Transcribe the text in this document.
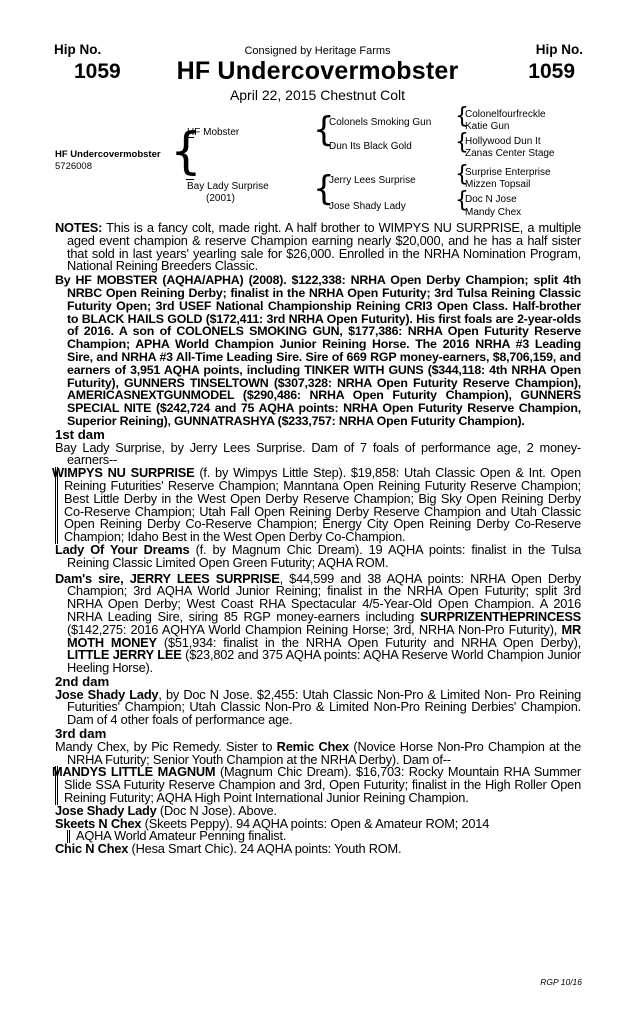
Hip No.	Hip No.
1059	1059
Consigned by Heritage Farms
HF Undercovermobster
April 22, 2015 Chestnut Colt
HF Undercovermobster
5726008 {
HF Mobster
Bay Lady Surprise
(2001)
{
Colonels Smoking Gun
Dun Its Black Gold
{
Jerry Lees Surprise
Jose Shady Lady
{
{
{
{
Colonelfourfreckle
Katie Gun
Hollywood Dun It
Zanas Center Stage
Surprise Enterprise
Mizzen Topsail
Doc N Jose
Mandy Chex

NOTES: This is a fancy colt, made right. A half brother to WIMPYS NU SURPRISE, a multiple aged event champion & reserve Champion earning nearly $20,000, and he has a half sister that sold in last years' yearling sale for $26,000. Enrolled in the NRHA Nomination Program, National Reining Breeders Classic.

By HF MOBSTER (AQHA/APHA) (2008). $122,338: NRHA Open Derby Champion; split 4th NRBC Open Reining Derby; finalist in the NRHA Open Futurity; 3rd Tulsa Reining Classic Futurity Open; 3rd USEF National Championship Reining CRI3 Open Class. Half-brother to BLACK HAILS GOLD ($172,411: 3rd NRHA Open Futurity). His first foals are 2-year-olds of 2016. A son of COLONELS SMOKING GUN, $177,386: NRHA Open Futurity Reserve Champion; APHA World Champion Junior Reining Horse. The 2016 NRHA #3 Leading Sire, and NRHA #3 All-Time Leading Sire. Sire of 669 RGP money-earners, $8,706,159, and earners of 3,951 AQHA points, including TINKER WITH GUNS ($344,118: 4th NRHA Open Futurity), GUNNERS TINSELTOWN ($307,328: NRHA Open Futurity Reserve Champion), AMERICASNEXTGUNMODEL ($290,486: NRHA Open Futurity Champion), GUNNERS SPECIAL NITE ($242,724 and 75 AQHA points: NRHA Open Futurity Reserve Champion, Superior Reining), GUNNATRASHYA ($233,757: NRHA Open Futurity Champion).

1st dam

Bay Lady Surprise, by Jerry Lees Surprise. Dam of 7 foals of performance age, 2 money-earners--

WIMPYS NU SURPRISE (f. by Wimpys Little Step). $19,858: Utah Classic Open & Int. Open Reining Futurities' Reserve Champion; Manntana Open Reining Futurity Reserve Champion; Best Little Derby in the West Open Derby Reserve Champion; Big Sky Open Reining Derby Co-Reserve Champion; Utah Fall Open Reining Derby Reserve Champion and Utah Classic Open Reining Derby Co-Reserve Champion; Energy City Open Reining Derby Co-Reserve Champion; Idaho Best in the West Open Derby Co-Champion.

Lady Of Your Dreams (f. by Magnum Chic Dream). 19 AQHA points: finalist in the Tulsa Reining Classic Limited Open Green Futurity; AQHA ROM.

Dam's sire, JERRY LEES SURPRISE, $44,599 and 38 AQHA points: NRHA Open Derby Champion; 3rd AQHA World Junior Reining; finalist in the NRHA Open Futurity; split 3rd NRHA Open Derby; West Coast RHA Spectacular 4/5-Year-Old Open Champion. A 2016 NRHA Leading Sire, siring 85 RGP money-earners including SURPRIZENTHEPRINCESS ($142,275: 2016 AQHYA World Champion Reining Horse; 3rd, NRHA Non-Pro Futurity), MR MOTH MONEY ($51,934: finalist in the NRHA Open Futurity and NRHA Open Derby), LITTLE JERRY LEE ($23,802 and 375 AQHA points: AQHA Reserve World Champion Junior Heeling Horse).

2nd dam

Jose Shady Lady, by Doc N Jose. $2,455: Utah Classic Non-Pro & Limited Non- Pro Reining Futurities' Champion; Utah Classic Non-Pro & Limited Non-Pro Reining Derbies' Champion. Dam of 4 other foals of performance age.

3rd dam

Mandy Chex, by Pic Remedy. Sister to Remic Chex (Novice Horse Non-Pro Champion at the NRHA Futurity; Senior Youth Champion at the NRHA Derby). Dam of--

MANDYS LITTLE MAGNUM (Magnum Chic Dream). $16,703: Rocky Mountain RHA Summer Slide SSA Futurity Reserve Champion and 3rd, Open Futurity; finalist in the High Roller Open Reining Futurity; AQHA High Point International Junior Reining Champion.

Jose Shady Lady (Doc N Jose). Above.

Skeets N Chex (Skeets Peppy). 94 AQHA points: Open & Amateur ROM; 2014

AQHA World Amateur Penning finalist.

Chic N Chex (Hesa Smart Chic). 24 AQHA points: Youth ROM.

RGP 10/16
